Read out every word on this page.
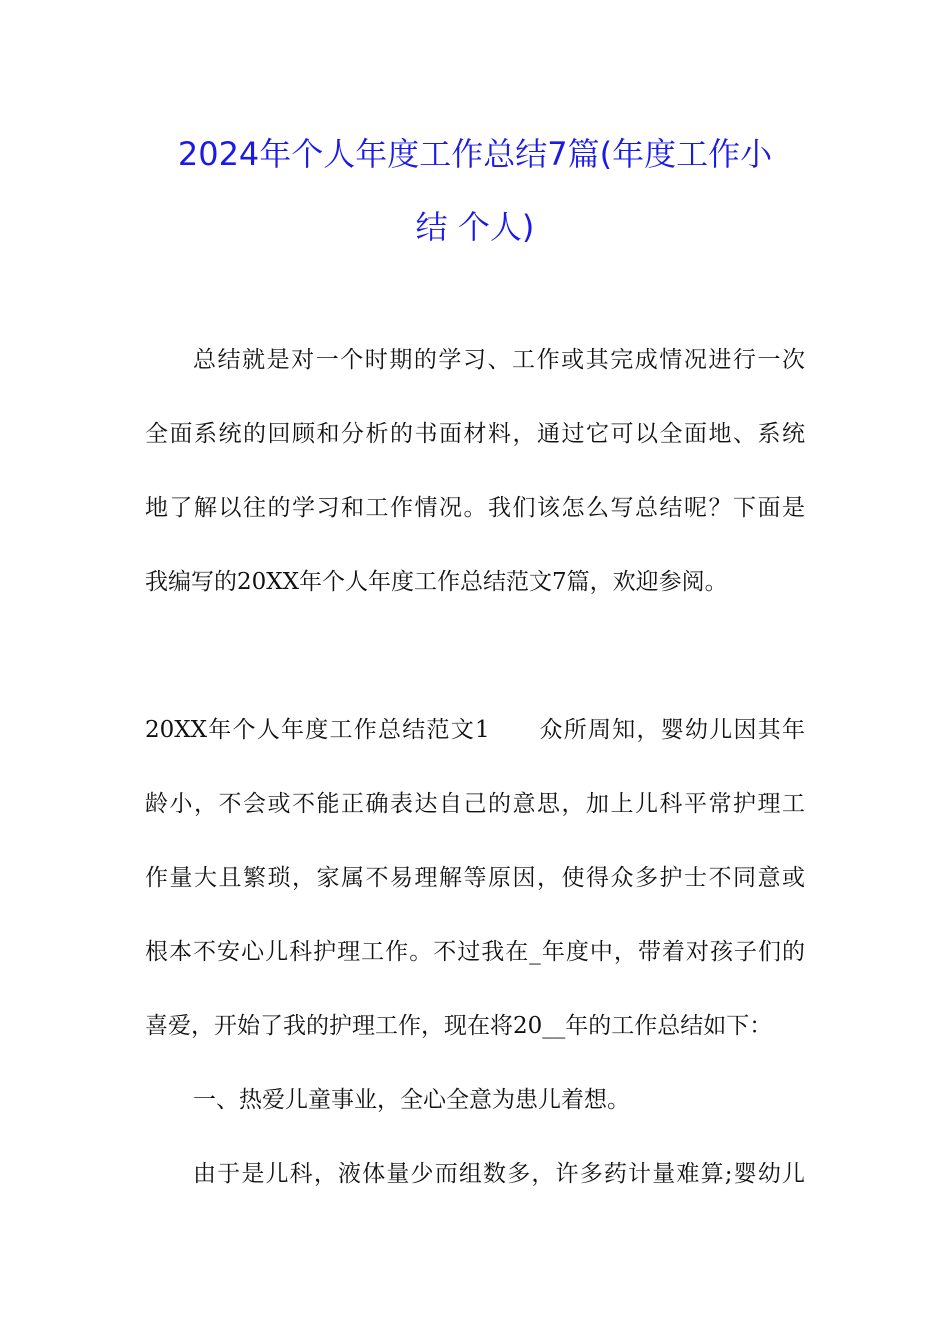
2024年个人年度工作总结7篇(年度工作小
结 个人)
总结就是对一个时期的学习、工作或其完成情况进行一次
全面系统的回顾和分析的书面材料，通过它可以全面地、系统
地了解以往的学习和工作情况。我们该怎么写总结呢？下面是
我编写的20XX年个人年度工作总结范文7篇，欢迎参阅。
20XX年个人年度工作总结范文1　　众所周知，婴幼儿因其年
龄小，不会或不能正确表达自己的意思，加上儿科平常护理工
作量大且繁琐，家属不易理解等原因，使得众多护士不同意或
根本不安心儿科护理工作。不过我在_年度中，带着对孩子们的
喜爱，开始了我的护理工作，现在将20__年的工作总结如下：
一、热爱儿童事业，全心全意为患儿着想。
由于是儿科，液体量少而组数多，许多药计量难算;婴幼儿
